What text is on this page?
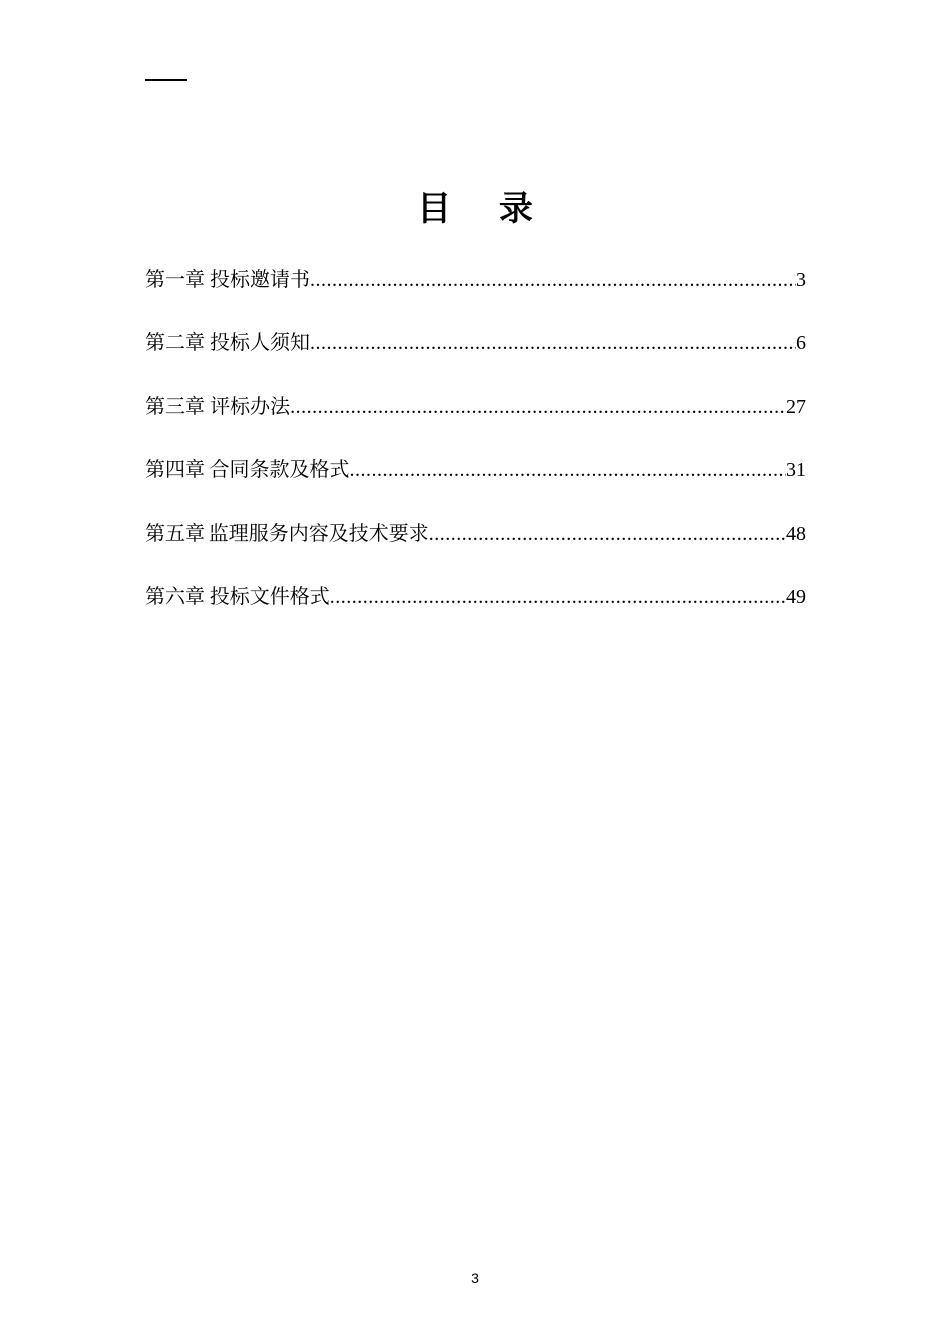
目 录
第一章 投标邀请书 .....	3
第二章 投标人须知 .....	6
第三章 评标办法 .....	27
第四章 合同条款及格式 .....	31
第五章 监理服务内容及技术要求 .....	48
第六章 投标文件格式 .....	49
3
